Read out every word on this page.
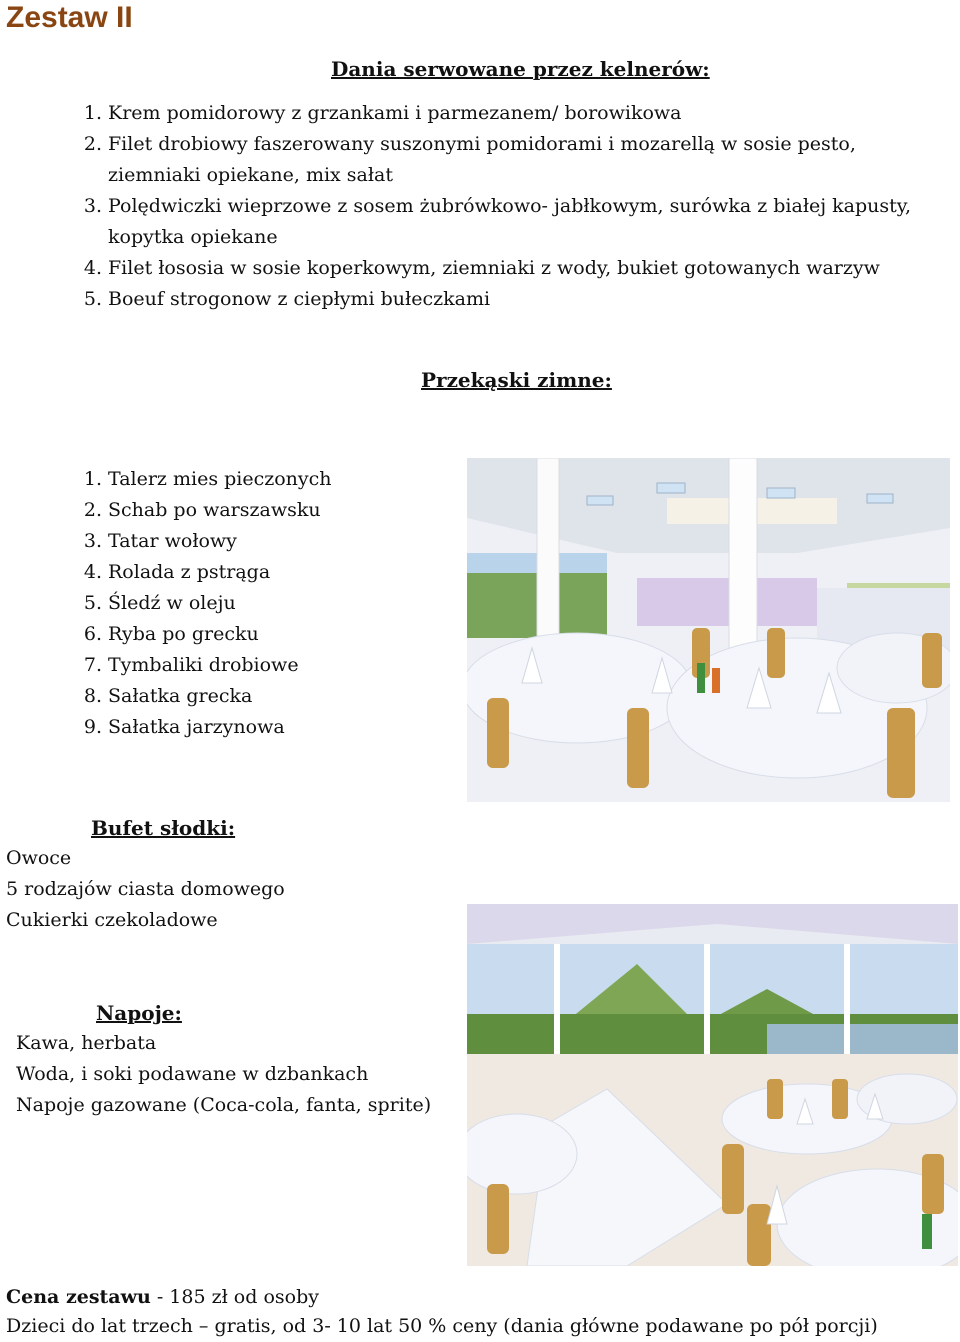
Zestaw II
Dania serwowane przez kelnerów:
1. Krem pomidorowy z grzankami i parmezanem/ borowikowa
2. Filet drobiowy faszerowany suszonymi pomidorami i mozarellą w sosie pesto,
ziemniaki opiekane, mix sałat
3. Polędwiczki wieprzowe z sosem żubrówkowo- jabłkowym, surówka z białej kapusty,
kopytka opiekane
4. Filet łososia w sosie koperkowym, ziemniaki z wody, bukiet gotowanych warzyw
5. Boeuf strogonow z ciepłymi bułeczkami
Przekąski zimne:
1. Talerz mies pieczonych
2. Schab po warszawsku
3. Tatar wołowy
4. Rolada z pstrąga
5. Śledź w oleju
6. Ryba po grecku
7. Tymbaliki drobiowe
8. Sałatka grecka
9. Sałatka jarzynowa
Bufet słodki:
Owoce
5 rodzajów ciasta domowego
Cukierki czekoladowe
Napoje:
Kawa, herbata
Woda, i soki podawane w dzbankach
Napoje gazowane (Coca-cola, fanta, sprite)
Cena zestawu - 185 zł od osoby
Dzieci do lat trzech – gratis, od 3- 10 lat 50 % ceny (dania główne podawane po pół porcji)
